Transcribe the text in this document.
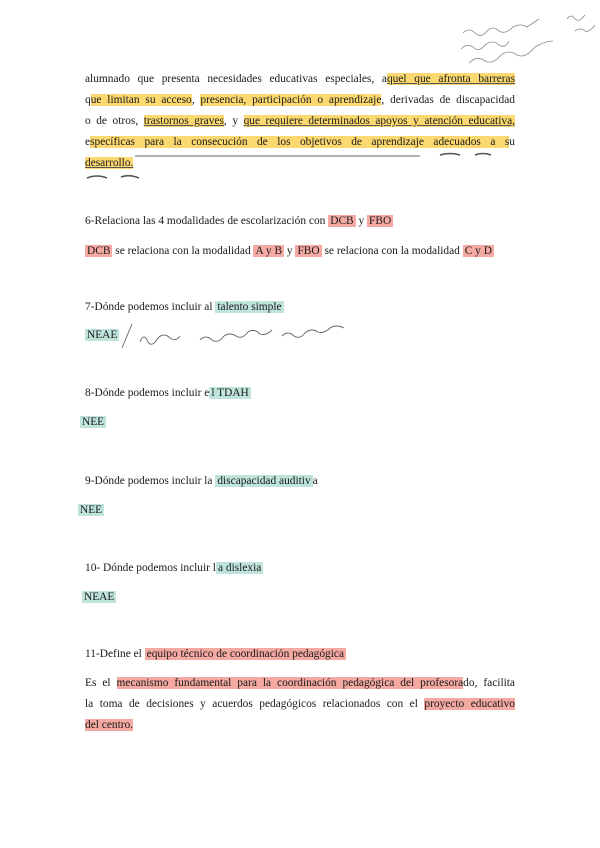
alumnado que presenta necesidades educativas especiales, aquel que afronta barreras
que limitan su acceso, presencia, participación o aprendizaje, derivadas de discapacidad
o de otros, trastornos graves, y que requiere determinados apoyos y atención educativa,
específicas para la consecución de los objetivos de aprendizaje adecuados a su
desarrollo.
6-Relaciona las 4 modalidades de escolarización con DCB y FBO
DCB se relaciona con la modalidad A y B y FBO se relaciona con la modalidad C y D
7-Dónde podemos incluir al talento simple
NEAE
8-Dónde podemos incluir e l TDAH
NEE
9-Dónde podemos incluir la discapacidad auditiv a
NEE
10- Dónde podemos incluir l a dislexia
NEAE
11-Define el equipo técnico de coordinación pedagógica
Es el mecanismo fundamental para la coordinación pedagógica del profesorado, facilita
la toma de decisiones y acuerdos pedagógicos relacionados con el proyecto educativo
del centro.
